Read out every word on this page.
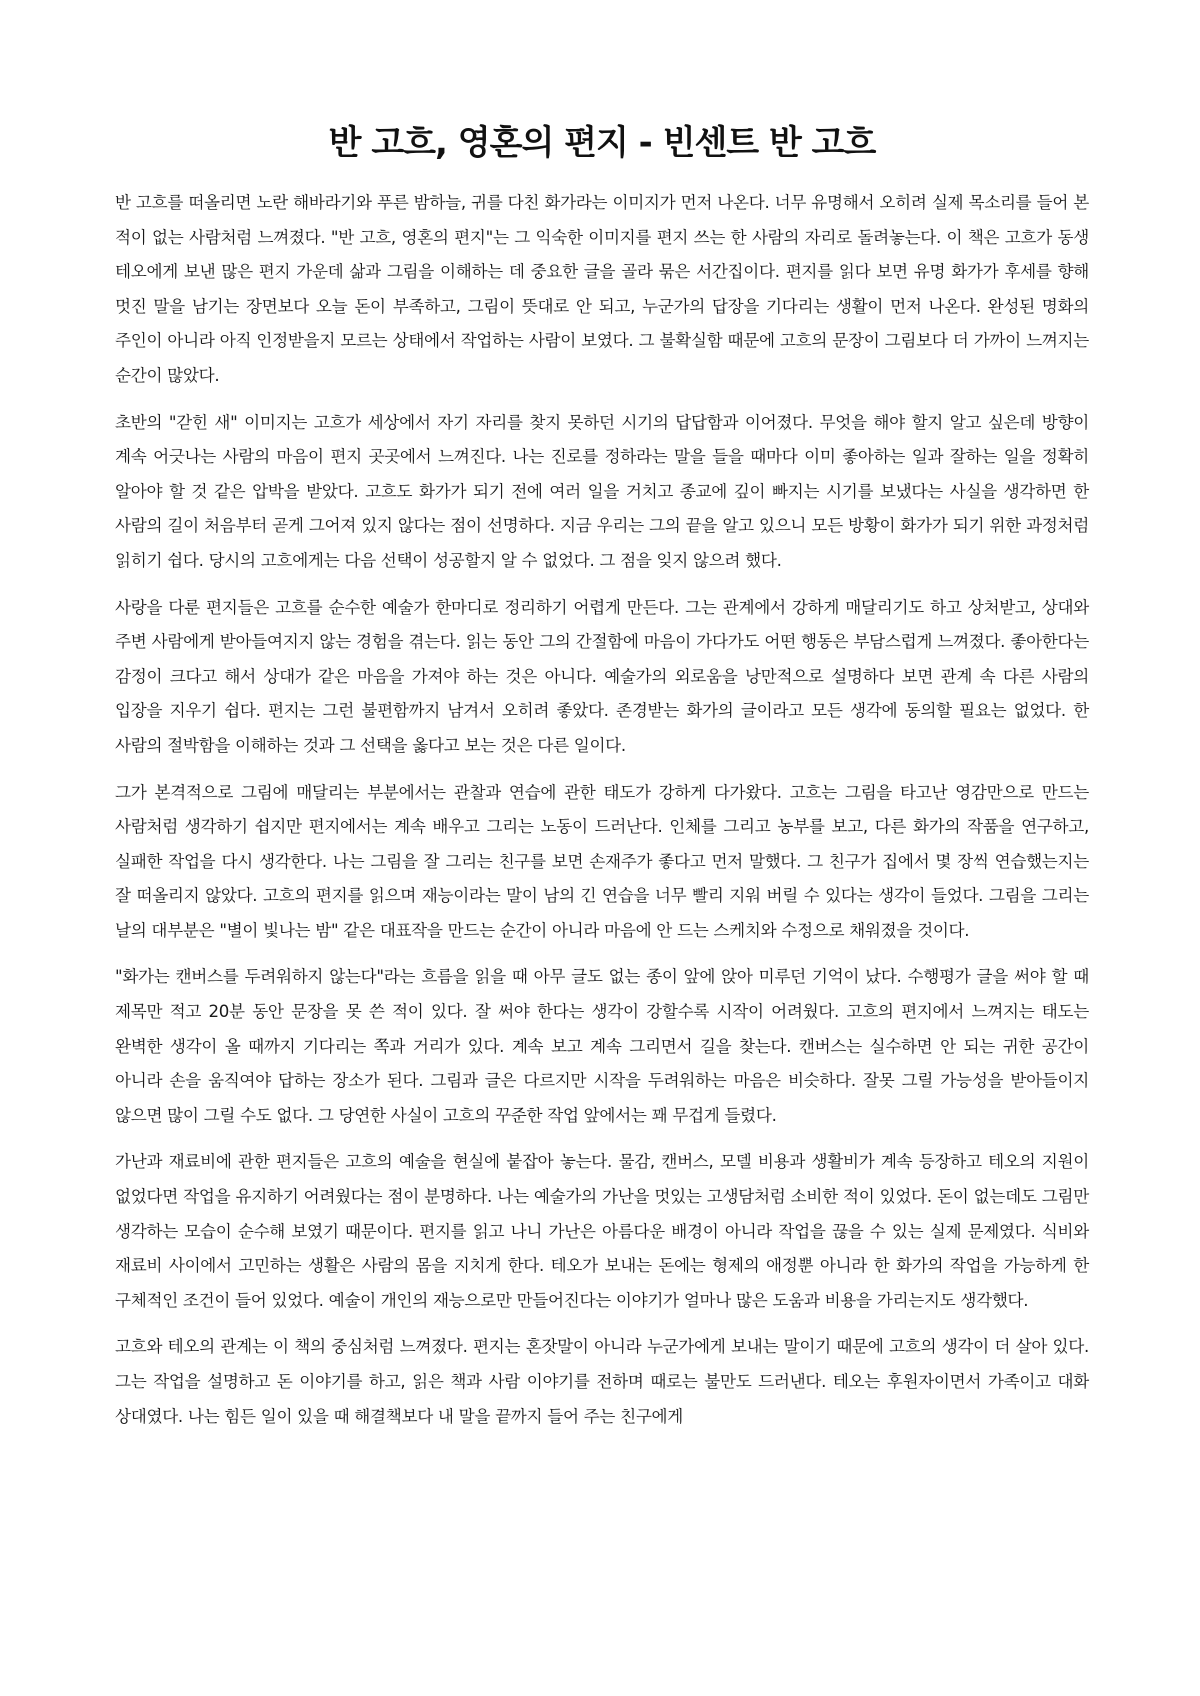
반 고흐, 영혼의 편지 - 빈센트 반 고흐

반 고흐를 떠올리면 노란 해바라기와 푸른 밤하늘, 귀를 다친 화가라는 이미지가 먼저 나온다. 너무 유명해서 오히려 실제 목소리를 들어 본 적이 없는 사람처럼 느껴졌다. "반 고흐, 영혼의 편지"는 그 익숙한 이미지를 편지 쓰는 한 사람의 자리로 돌려놓는다. 이 책은 고흐가 동생 테오에게 보낸 많은 편지 가운데 삶과 그림을 이해하는 데 중요한 글을 골라 묶은 서간집이다. 편지를 읽다 보면 유명 화가가 후세를 향해 멋진 말을 남기는 장면보다 오늘 돈이 부족하고, 그림이 뜻대로 안 되고, 누군가의 답장을 기다리는 생활이 먼저 나온다. 완성된 명화의 주인이 아니라 아직 인정받을지 모르는 상태에서 작업하는 사람이 보였다. 그 불확실함 때문에 고흐의 문장이 그림보다 더 가까이 느껴지는 순간이 많았다.

초반의 "갇힌 새" 이미지는 고흐가 세상에서 자기 자리를 찾지 못하던 시기의 답답함과 이어졌다. 무엇을 해야 할지 알고 싶은데 방향이 계속 어긋나는 사람의 마음이 편지 곳곳에서 느껴진다. 나는 진로를 정하라는 말을 들을 때마다 이미 좋아하는 일과 잘하는 일을 정확히 알아야 할 것 같은 압박을 받았다. 고흐도 화가가 되기 전에 여러 일을 거치고 종교에 깊이 빠지는 시기를 보냈다는 사실을 생각하면 한 사람의 길이 처음부터 곧게 그어져 있지 않다는 점이 선명하다. 지금 우리는 그의 끝을 알고 있으니 모든 방황이 화가가 되기 위한 과정처럼 읽히기 쉽다. 당시의 고흐에게는 다음 선택이 성공할지 알 수 없었다. 그 점을 잊지 않으려 했다.

사랑을 다룬 편지들은 고흐를 순수한 예술가 한마디로 정리하기 어렵게 만든다. 그는 관계에서 강하게 매달리기도 하고 상처받고, 상대와 주변 사람에게 받아들여지지 않는 경험을 겪는다. 읽는 동안 그의 간절함에 마음이 가다가도 어떤 행동은 부담스럽게 느껴졌다. 좋아한다는 감정이 크다고 해서 상대가 같은 마음을 가져야 하는 것은 아니다. 예술가의 외로움을 낭만적으로 설명하다 보면 관계 속 다른 사람의 입장을 지우기 쉽다. 편지는 그런 불편함까지 남겨서 오히려 좋았다. 존경받는 화가의 글이라고 모든 생각에 동의할 필요는 없었다. 한 사람의 절박함을 이해하는 것과 그 선택을 옳다고 보는 것은 다른 일이다.

그가 본격적으로 그림에 매달리는 부분에서는 관찰과 연습에 관한 태도가 강하게 다가왔다. 고흐는 그림을 타고난 영감만으로 만드는 사람처럼 생각하기 쉽지만 편지에서는 계속 배우고 그리는 노동이 드러난다. 인체를 그리고 농부를 보고, 다른 화가의 작품을 연구하고, 실패한 작업을 다시 생각한다. 나는 그림을 잘 그리는 친구를 보면 손재주가 좋다고 먼저 말했다. 그 친구가 집에서 몇 장씩 연습했는지는 잘 떠올리지 않았다. 고흐의 편지를 읽으며 재능이라는 말이 남의 긴 연습을 너무 빨리 지워 버릴 수 있다는 생각이 들었다. 그림을 그리는 날의 대부분은 "별이 빛나는 밤" 같은 대표작을 만드는 순간이 아니라 마음에 안 드는 스케치와 수정으로 채워졌을 것이다.

"화가는 캔버스를 두려워하지 않는다"라는 흐름을 읽을 때 아무 글도 없는 종이 앞에 앉아 미루던 기억이 났다. 수행평가 글을 써야 할 때 제목만 적고 20분 동안 문장을 못 쓴 적이 있다. 잘 써야 한다는 생각이 강할수록 시작이 어려웠다. 고흐의 편지에서 느껴지는 태도는 완벽한 생각이 올 때까지 기다리는 쪽과 거리가 있다. 계속 보고 계속 그리면서 길을 찾는다. 캔버스는 실수하면 안 되는 귀한 공간이 아니라 손을 움직여야 답하는 장소가 된다. 그림과 글은 다르지만 시작을 두려워하는 마음은 비슷하다. 잘못 그릴 가능성을 받아들이지 않으면 많이 그릴 수도 없다. 그 당연한 사실이 고흐의 꾸준한 작업 앞에서는 꽤 무겁게 들렸다.

가난과 재료비에 관한 편지들은 고흐의 예술을 현실에 붙잡아 놓는다. 물감, 캔버스, 모델 비용과 생활비가 계속 등장하고 테오의 지원이 없었다면 작업을 유지하기 어려웠다는 점이 분명하다. 나는 예술가의 가난을 멋있는 고생담처럼 소비한 적이 있었다. 돈이 없는데도 그림만 생각하는 모습이 순수해 보였기 때문이다. 편지를 읽고 나니 가난은 아름다운 배경이 아니라 작업을 끊을 수 있는 실제 문제였다. 식비와 재료비 사이에서 고민하는 생활은 사람의 몸을 지치게 한다. 테오가 보내는 돈에는 형제의 애정뿐 아니라 한 화가의 작업을 가능하게 한 구체적인 조건이 들어 있었다. 예술이 개인의 재능으로만 만들어진다는 이야기가 얼마나 많은 도움과 비용을 가리는지도 생각했다.

고흐와 테오의 관계는 이 책의 중심처럼 느껴졌다. 편지는 혼잣말이 아니라 누군가에게 보내는 말이기 때문에 고흐의 생각이 더 살아 있다. 그는 작업을 설명하고 돈 이야기를 하고, 읽은 책과 사람 이야기를 전하며 때로는 불만도 드러낸다. 테오는 후원자이면서 가족이고 대화 상대였다. 나는 힘든 일이 있을 때 해결책보다 내 말을 끝까지 들어 주는 친구에게
